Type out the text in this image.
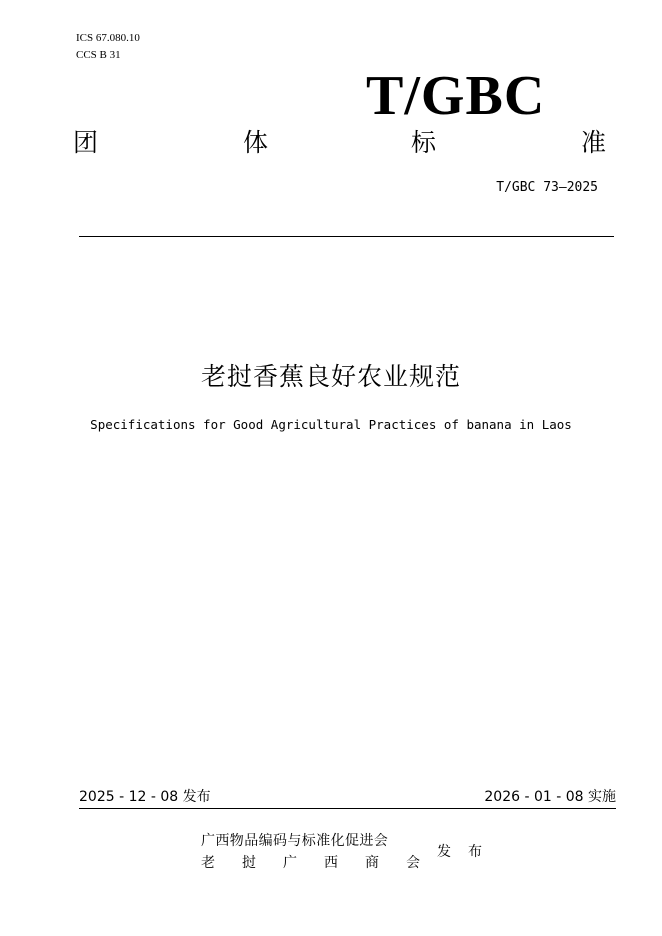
ICS 67.080.10
CCS B 31
T/GBC
团	体	标	准
T/GBC 73—2025
老挝香蕉良好农业规范
Specifications for Good Agricultural Practices of banana in Laos
2025 - 12 - 08 发布	2026 - 01 - 08 实施
广西物品编码与标准化促进会
老 挝 广 西 商 会
发 布
